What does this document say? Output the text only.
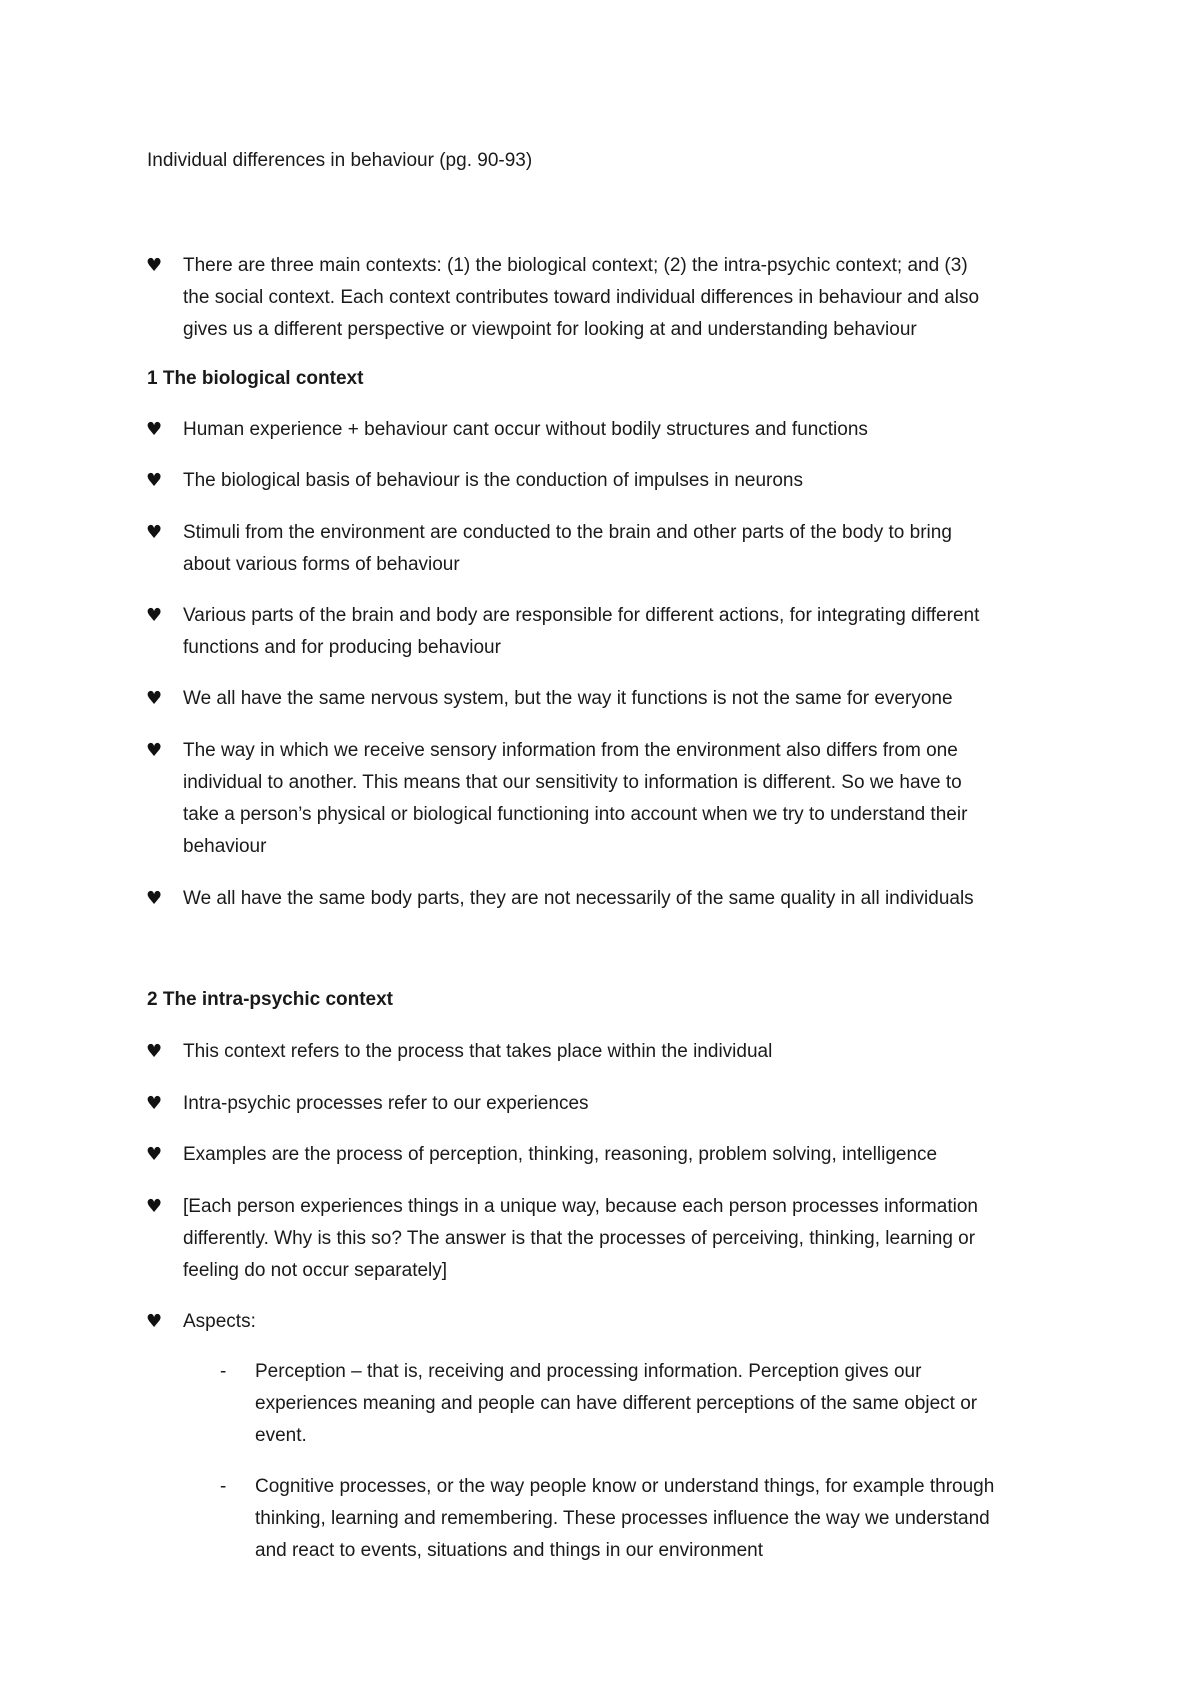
Individual differences in behaviour (pg. 90-93)
♥ There are three main contexts: (1) the biological context; (2) the intra-psychic context; and (3)
the social context. Each context contributes toward individual differences in behaviour and also
gives us a different perspective or viewpoint for looking at and understanding behaviour
1 The biological context
♥ Human experience + behaviour cant occur without bodily structures and functions
♥ The biological basis of behaviour is the conduction of impulses in neurons
♥ Stimuli from the environment are conducted to the brain and other parts of the body to bring
about various forms of behaviour
♥ Various parts of the brain and body are responsible for different actions, for integrating different
functions and for producing behaviour
♥ We all have the same nervous system, but the way it functions is not the same for everyone
♥ The way in which we receive sensory information from the environment also differs from one
individual to another. This means that our sensitivity to information is different. So we have to
take a person’s physical or biological functioning into account when we try to understand their
behaviour
♥ We all have the same body parts, they are not necessarily of the same quality in all individuals
2 The intra-psychic context
♥ This context refers to the process that takes place within the individual
♥ Intra-psychic processes refer to our experiences
♥ Examples are the process of perception, thinking, reasoning, problem solving, intelligence
♥ [Each person experiences things in a unique way, because each person processes information
differently. Why is this so? The answer is that the processes of perceiving, thinking, learning or
feeling do not occur separately]
♥ Aspects:
- Perception – that is, receiving and processing information. Perception gives our
experiences meaning and people can have different perceptions of the same object or
event.
- Cognitive processes, or the way people know or understand things, for example through
thinking, learning and remembering. These processes influence the way we understand
and react to events, situations and things in our environment
